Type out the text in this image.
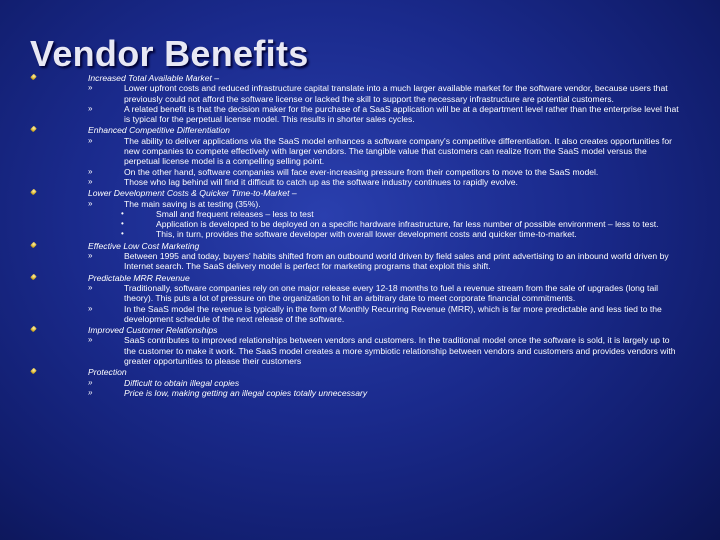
Vendor Benefits
Increased Total Available Market –
»	Lower upfront costs and reduced infrastructure capital translate into a much larger available market for the software vendor, because users that previously could not afford the software license or lacked the skill to support the necessary infrastructure are potential customers.
»	A related benefit is that the decision maker for the purchase of a SaaS application will be at a department level rather than the enterprise level that is typical for the perpetual license model. This results in shorter sales cycles.
Enhanced Competitive Differentiation
»	The ability to deliver applications via the SaaS model enhances a software company's competitive differentiation. It also creates opportunities for new companies to compete effectively with larger vendors. The tangible value that customers can realize from the SaaS model versus the perpetual license model is a compelling selling point.
»	On the other hand, software companies will face ever-increasing pressure from their competitors to move to the SaaS model.
»	Those who lag behind will find it difficult to catch up as the software industry continues to rapidly evolve.
Lower Development Costs & Quicker Time-to-Market –
»	The main saving is at testing (35%).
•	Small and frequent releases – less to test
•	Application is developed to be deployed on a specific hardware infrastructure, far less number of possible environment – less to test.
•	This, in turn, provides the software developer with overall lower development costs and quicker time-to-market.
Effective Low Cost Marketing
»	Between 1995 and today, buyers' habits shifted from an outbound world driven by field sales and print advertising to an inbound world driven by Internet search. The SaaS delivery model is perfect for marketing programs that exploit this shift.
Predictable MRR Revenue
»	Traditionally, software companies rely on one major release every 12-18 months to fuel a revenue stream from the sale of upgrades (long tail theory). This puts a lot of pressure on the organization to hit an arbitrary date to meet corporate financial commitments.
»	In the SaaS model the revenue is typically in the form of Monthly Recurring Revenue (MRR), which is far more predictable and less tied to the development schedule of the next release of the software.
Improved Customer Relationships
»	SaaS contributes to improved relationships between vendors and customers. In the traditional model once the software is sold, it is largely up to the customer to make it work. The SaaS model creates a more symbiotic relationship between vendors and customers and provides vendors with greater opportunities to please their customers
Protection
»	Difficult to obtain illegal copies
»	Price is low, making getting an illegal copies totally unnecessary
